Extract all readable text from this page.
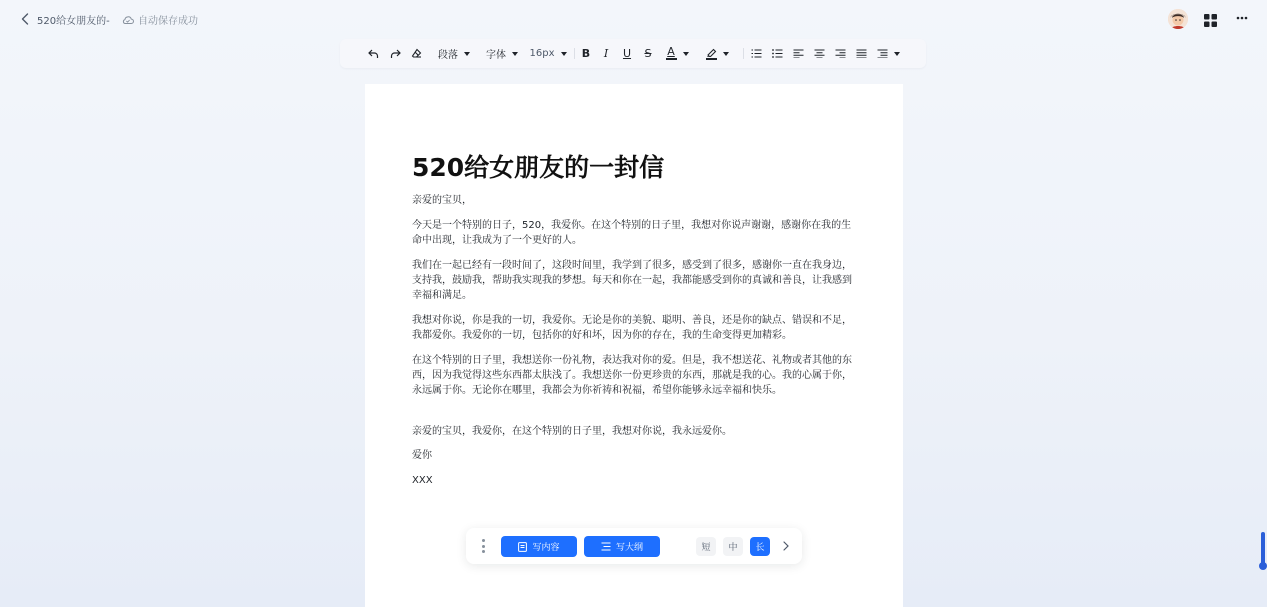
520给女朋友的-	自动保存成功
段落	字体 16px B I U S A
520给女朋友的一封信
亲爱的宝贝，
今天是一个特别的日子，520，我爱你。在这个特别的日子里，我想对你说声谢谢，感谢你在我的生命中出现，让我成为了一个更好的人。
我们在一起已经有一段时间了，这段时间里，我学到了很多，感受到了很多，感谢你一直在我身边，支持我，鼓励我，帮助我实现我的梦想。每天和你在一起，我都能感受到你的真诚和善良，让我感到幸福和满足。
我想对你说，你是我的一切，我爱你。无论是你的美貌、聪明、善良，还是你的缺点、错误和不足，我都爱你。我爱你的一切，包括你的好和坏，因为你的存在，我的生命变得更加精彩。
在这个特别的日子里，我想送你一份礼物，表达我对你的爱。但是，我不想送花、礼物或者其他的东西，因为我觉得这些东西都太肤浅了。我想送你一份更珍贵的东西，那就是我的心。我的心属于你，永远属于你。无论你在哪里，我都会为你祈祷和祝福，希望你能够永远幸福和快乐。
亲爱的宝贝，我爱你，在这个特别的日子里，我想对你说，我永远爱你。
爱你
XXX
写内容	写大纲	短	中	长
